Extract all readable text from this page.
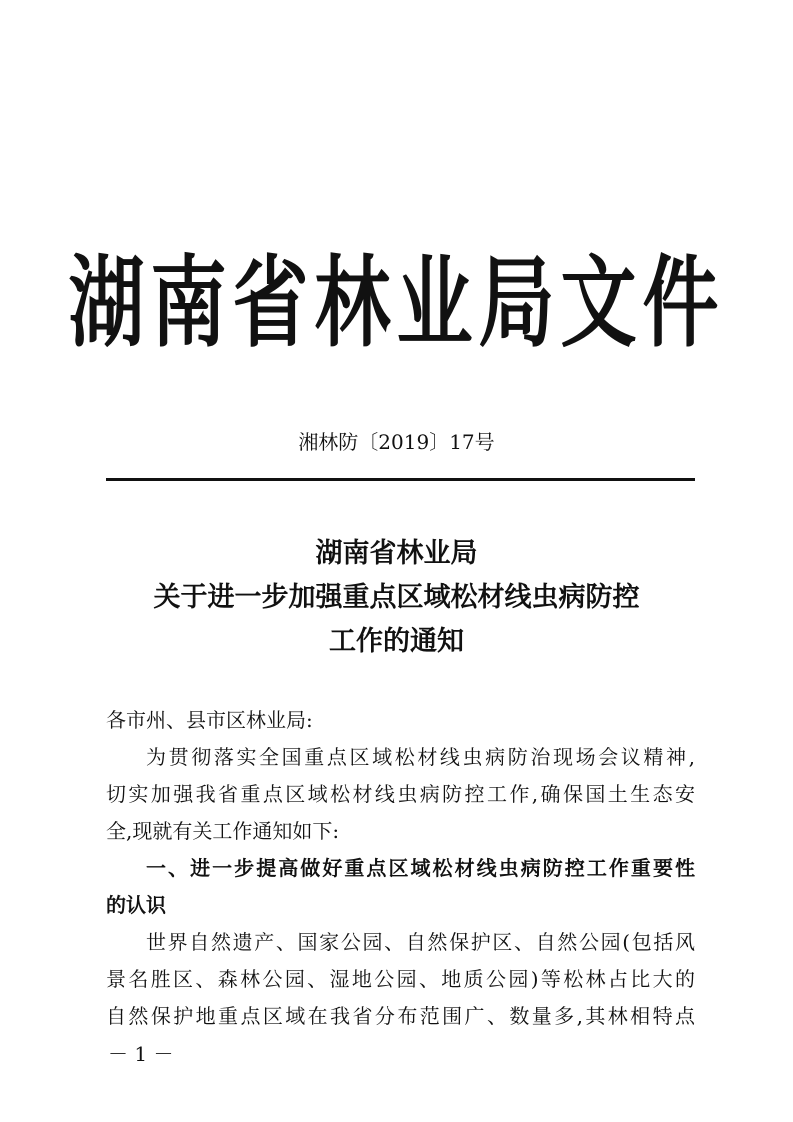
湖南省林业局文件
湘林防〔2019〕17号
湖南省林业局
关于进一步加强重点区域松材线虫病防控
工作的通知
各市州、县市区林业局:
为贯彻落实全国重点区域松材线虫病防治现场会议精神,
切实加强我省重点区域松材线虫病防控工作,确保国土生态安
全,现就有关工作通知如下:
一、进一步提高做好重点区域松材线虫病防控工作重要性
的认识
世界自然遗产、国家公园、自然保护区、自然公园(包括风
景名胜区、森林公园、湿地公园、地质公园)等松林占比大的
自然保护地重点区域在我省分布范围广、数量多,其林相特点
－ 1 －
